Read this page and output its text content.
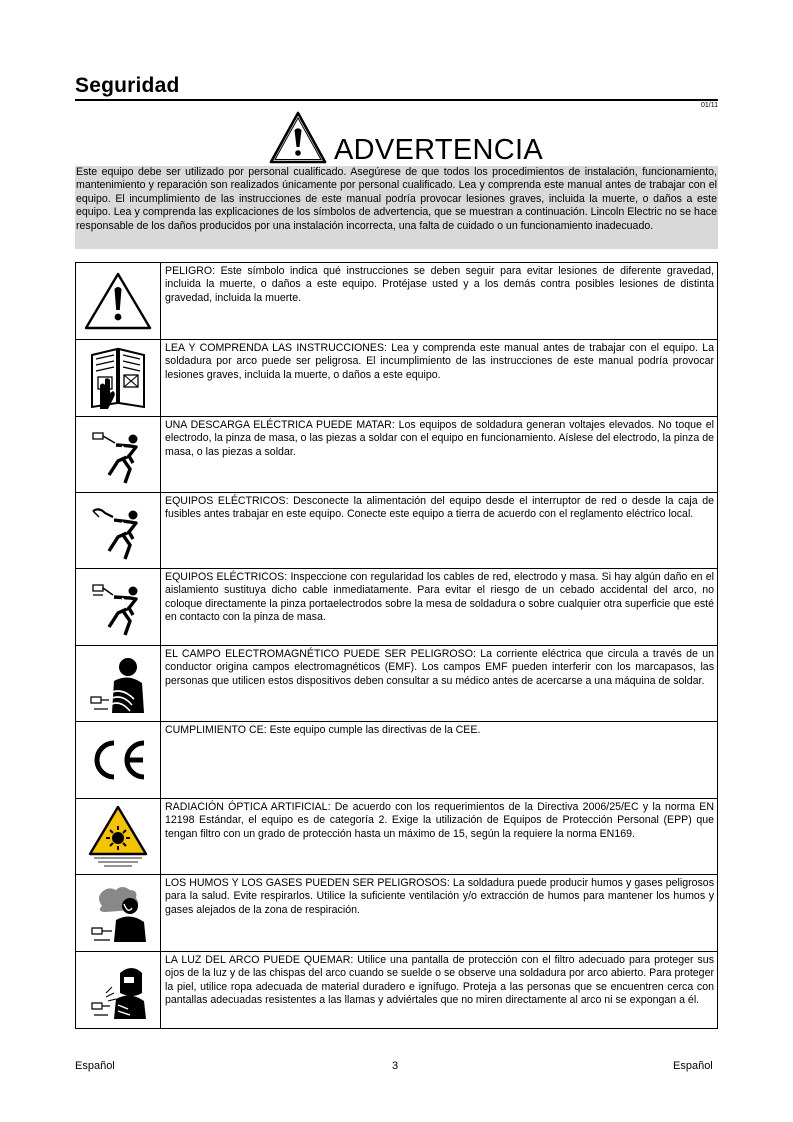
Seguridad
01/11
ADVERTENCIA
Este equipo debe ser utilizado por personal cualificado. Asegúrese de que todos los procedimientos de instalación, funcionamiento, mantenimiento y reparación son realizados únicamente por personal cualificado. Lea y comprenda este manual antes de trabajar con el equipo. El incumplimiento de las instrucciones de este manual podría provocar lesiones graves, incluida la muerte, o daños a este equipo. Lea y comprenda las explicaciones de los símbolos de advertencia, que se muestran a continuación. Lincoln Electric no se hace responsable de los daños producidos por una instalación incorrecta, una falta de cuidado o un funcionamiento inadecuado.
	PELIGRO: Este símbolo indica qué instrucciones se deben seguir para evitar lesiones de diferente gravedad, incluida la muerte, o daños a este equipo. Protéjase usted y a los demás contra posibles lesiones de distinta gravedad, incluida la muerte.

	LEA Y COMPRENDA LAS INSTRUCCIONES: Lea y comprenda este manual antes de trabajar con el equipo. La soldadura por arco puede ser peligrosa. El incumplimiento de las instrucciones de este manual podría provocar lesiones graves, incluida la muerte, o daños a este equipo.

	UNA DESCARGA ELÉCTRICA PUEDE MATAR: Los equipos de soldadura generan voltajes elevados. No toque el electrodo, la pinza de masa, o las piezas a soldar con el equipo en funcionamiento. Aíslese del electrodo, la pinza de masa, o las piezas a soldar.

	EQUIPOS ELÉCTRICOS: Desconecte la alimentación del equipo desde el interruptor de red o desde la caja de fusibles antes trabajar en este equipo. Conecte este equipo a tierra de acuerdo con el reglamento eléctrico local.

	EQUIPOS ELÉCTRICOS: Inspeccione con regularidad los cables de red, electrodo y masa. Si hay algún daño en el aislamiento sustituya dicho cable inmediatamente. Para evitar el riesgo de un cebado accidental del arco, no coloque directamente la pinza portaelectrodos sobre la mesa de soldadura o sobre cualquier otra superficie que esté en contacto con la pinza de masa.

	EL CAMPO ELECTROMAGNÉTICO PUEDE SER PELIGROSO: La corriente eléctrica que circula a través de un conductor origina campos electromagnéticos (EMF). Los campos EMF pueden interferir con los marcapasos, las personas que utilicen estos dispositivos deben consultar a su médico antes de acercarse a una máquina de soldar.

	CUMPLIMIENTO CE: Este equipo cumple las directivas de la CEE.

	RADIACIÓN ÓPTICA ARTIFICIAL: De acuerdo con los requerimientos de la Directiva 2006/25/EC y la norma EN 12198 Estándar, el equipo es de categoría 2. Exige la utilización de Equipos de Protección Personal (EPP) que tengan filtro con un grado de protección hasta un máximo de 15, según la requiere la norma EN169.

	LOS HUMOS Y LOS GASES PUEDEN SER PELIGROSOS: La soldadura puede producir humos y gases peligrosos para la salud. Evite respirarlos. Utilice la suficiente ventilación y/o extracción de humos para mantener los humos y gases alejados de la zona de respiración.

	LA LUZ DEL ARCO PUEDE QUEMAR: Utilice una pantalla de protección con el filtro adecuado para proteger sus ojos de la luz y de las chispas del arco cuando se suelde o se observe una soldadura por arco abierto. Para proteger la piel, utilice ropa adecuada de material duradero e ignífugo. Proteja a las personas que se encuentren cerca con pantallas adecuadas resistentes a las llamas y adviértales que no miren directamente al arco ni se expongan a él.
Español	3	Español
